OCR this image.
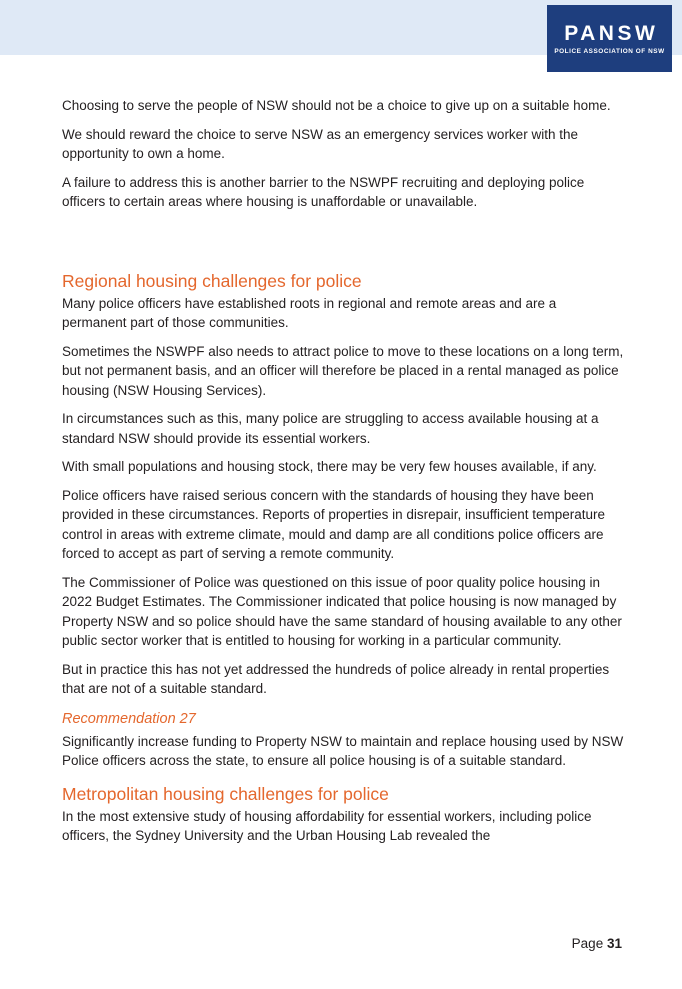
PANSW
POLICE ASSOCIATION OF NSW

Choosing to serve the people of NSW should not be a choice to give up on a suitable home.

We should reward the choice to serve NSW as an emergency services worker with the opportunity to own a home.

A failure to address this is another barrier to the NSWPF recruiting and deploying police officers to certain areas where housing is unaffordable or unavailable.

Regional housing challenges for police

Many police officers have established roots in regional and remote areas and are a permanent part of those communities.

Sometimes the NSWPF also needs to attract police to move to these locations on a long term, but not permanent basis, and an officer will therefore be placed in a rental managed as police housing (NSW Housing Services).

In circumstances such as this, many police are struggling to access available housing at a standard NSW should provide its essential workers.

With small populations and housing stock, there may be very few houses available, if any.

Police officers have raised serious concern with the standards of housing they have been provided in these circumstances. Reports of properties in disrepair, insufficient temperature control in areas with extreme climate, mould and damp are all conditions police officers are forced to accept as part of serving a remote community.

The Commissioner of Police was questioned on this issue of poor quality police housing in 2022 Budget Estimates. The Commissioner indicated that police housing is now managed by Property NSW and so police should have the same standard of housing available to any other public sector worker that is entitled to housing for working in a particular community.

But in practice this has not yet addressed the hundreds of police already in rental properties that are not of a suitable standard.

Recommendation 27

Significantly increase funding to Property NSW to maintain and replace housing used by NSW Police officers across the state, to ensure all police housing is of a suitable standard.

Metropolitan housing challenges for police

In the most extensive study of housing affordability for essential workers, including police officers, the Sydney University and the Urban Housing Lab revealed the

Page 31
